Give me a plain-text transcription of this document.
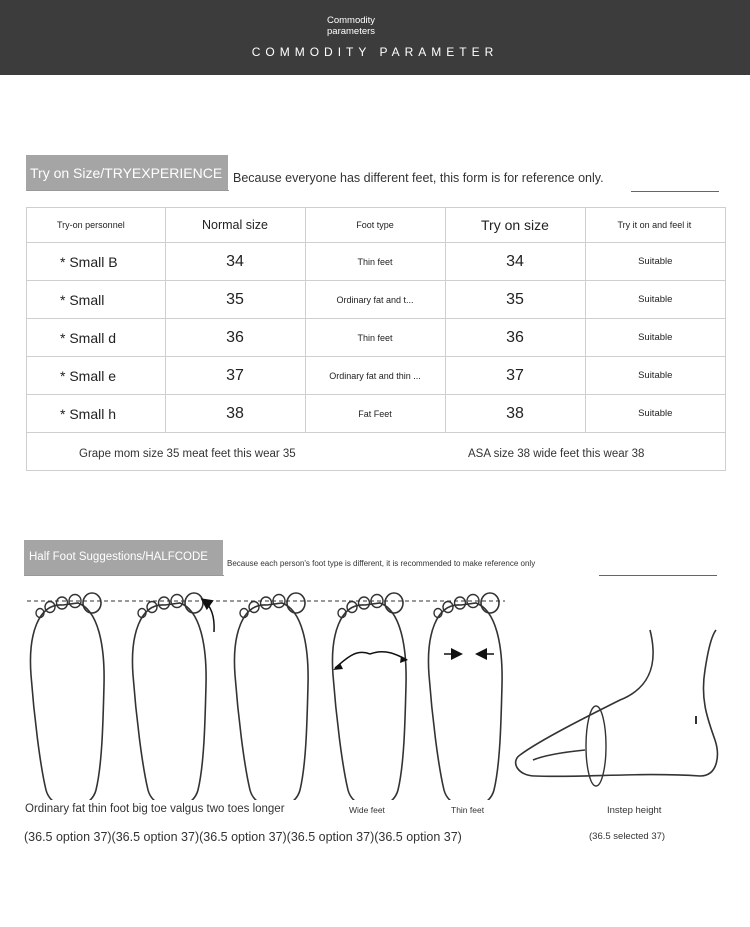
Commodity parameters
COMMODITY PARAMETER
Try on Size/TRYEXPERIENCE Because everyone has different feet, this form is for reference only.
Try-on personnel	Normal size	Foot type	Try on size	Try it on and feel it
* Small B	34	Thin feet	34	Suitable
* Small	35	Ordinary fat and t...	35	Suitable
* Small d	36	Thin feet	36	Suitable
* Small e	37	Ordinary fat and thin ...	37	Suitable
* Small h	38	Fat Feet	38	Suitable
Grape mom size 35 meat feet this wear 35	ASA size 38 wide feet this wear 38
Half Foot Suggestions/HALFCODE
Because each person's foot type is different, it is recommended to make reference only
Ordinary fat thin foot big toe valgus two toes longer	Wide feet	Thin feet	Instep height
(36.5 option 37)(36.5 option 37)(36.5 option 37)(36.5 option 37)(36.5 option 37)	(36.5 selected 37)
